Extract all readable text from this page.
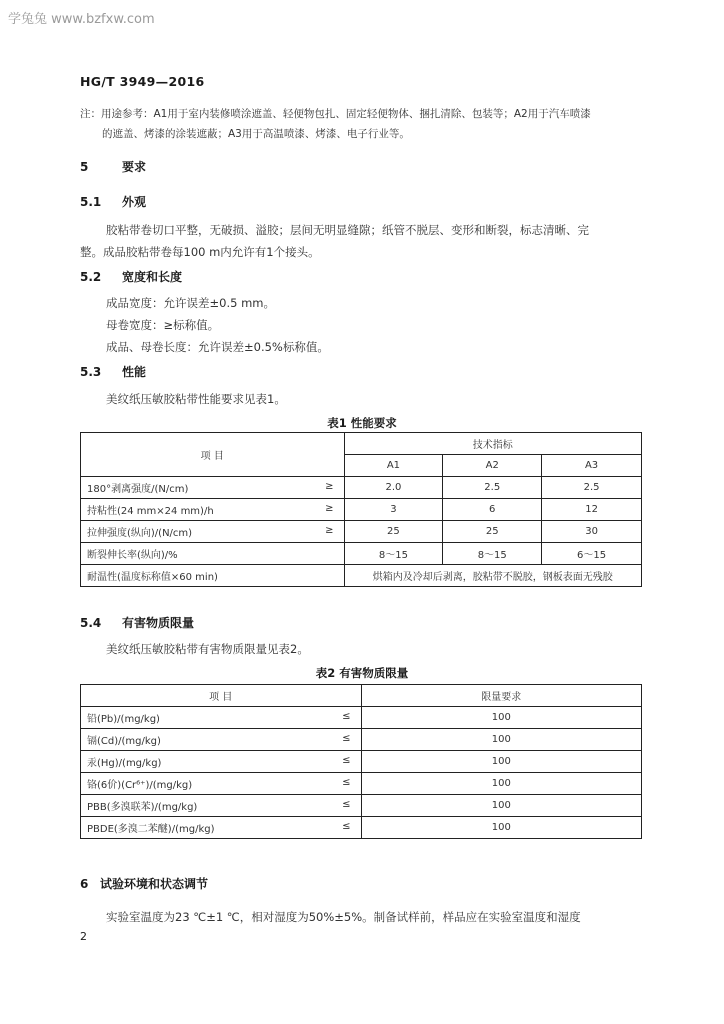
学兔兔 www.bzfxw.com
HG/T 3949—2016
注：用途参考：A1用于室内装修喷涂遮盖、轻便物包扎、固定轻便物体、捆扎清除、包装等；A2用于汽车喷漆
的遮盖、烤漆的涂装遮蔽；A3用于高温喷漆、烤漆、电子行业等。
5	要求
5.1 外观
胶粘带卷切口平整，无破损、溢胶；层间无明显缝隙；纸管不脱层、变形和断裂，标志清晰、完
整。成品胶粘带卷每100 m内允许有1个接头。
5.2 宽度和长度
成品宽度：允许误差±0.5 mm。
母卷宽度：≥标称值。
成品、母卷长度：允许误差±0.5%标称值。
5.3 性能
美纹纸压敏胶粘带性能要求见表1。
表1 性能要求
项 目	技术指标		
	A1	A2	A3
180°剥离强度/(N/cm) ≥	2.0	2.5	2.5
持粘性(24 mm×24 mm)/h ≥	3	6	12
拉伸强度(纵向)/(N/cm) ≥	25	25	30
断裂伸长率(纵向)/%	8～15	8～15	6～15
耐温性(温度标称值×60 min)	烘箱内及冷却后剥离，胶粘带不脱胶，钢板表面无残胶		
5.4 有害物质限量
美纹纸压敏胶粘带有害物质限量见表2。
表2 有害物质限量
项 目	限量要求
铅(Pb)/(mg/kg) ≤	100
镉(Cd)/(mg/kg) ≤	100
汞(Hg)/(mg/kg) ≤	100
铬(6价)(Cr⁶⁺)/(mg/kg) ≤	100
PBB(多溴联苯)/(mg/kg) ≤	100
PBDE(多溴二苯醚)/(mg/kg) ≤	100
6 试验环境和状态调节
实验室温度为23 ℃±1 ℃，相对湿度为50%±5%。制备试样前，样品应在实验室温度和湿度
2
